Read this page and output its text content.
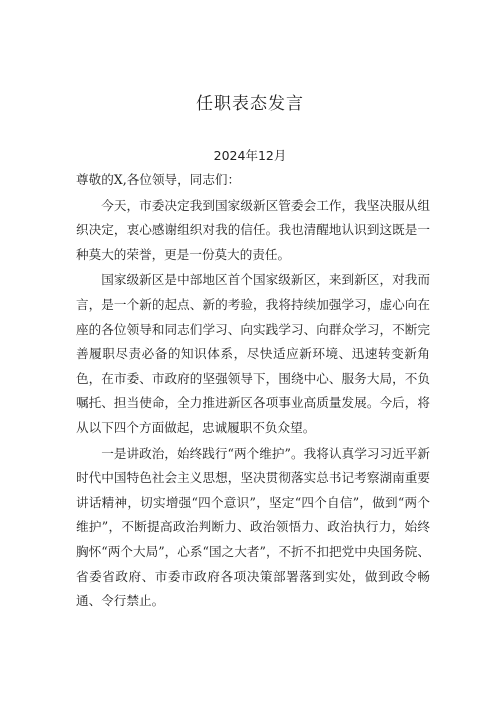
任职表态发言
2024年12月

尊敬的X,各位领导，同志们：

今天，市委决定我到国家级新区管委会工作，我坚决服从组织决定，衷心感谢组织对我的信任。我也清醒地认识到这既是一种莫大的荣誉，更是一份莫大的责任。

国家级新区是中部地区首个国家级新区，来到新区，对我而言，是一个新的起点、新的考验，我将持续加强学习，虚心向在座的各位领导和同志们学习、向实践学习、向群众学习，不断完善履职尽责必备的知识体系，尽快适应新环境、迅速转变新角色，在市委、市政府的坚强领导下，围绕中心、服务大局，不负嘱托、担当使命，全力推进新区各项事业高质量发展。今后，将从以下四个方面做起，忠诚履职不负众望。

一是讲政治，始终践行“两个维护”。我将认真学习习近平新时代中国特色社会主义思想，坚决贯彻落实总书记考察湖南重要讲话精神，切实增强“四个意识”，坚定“四个自信”，做到“两个维护”，不断提高政治判断力、政治领悟力、政治执行力，始终胸怀“两个大局”，心系“国之大者”，不折不扣把党中央国务院、省委省政府、市委市政府各项决策部署落到实处，做到政令畅通、令行禁止。
